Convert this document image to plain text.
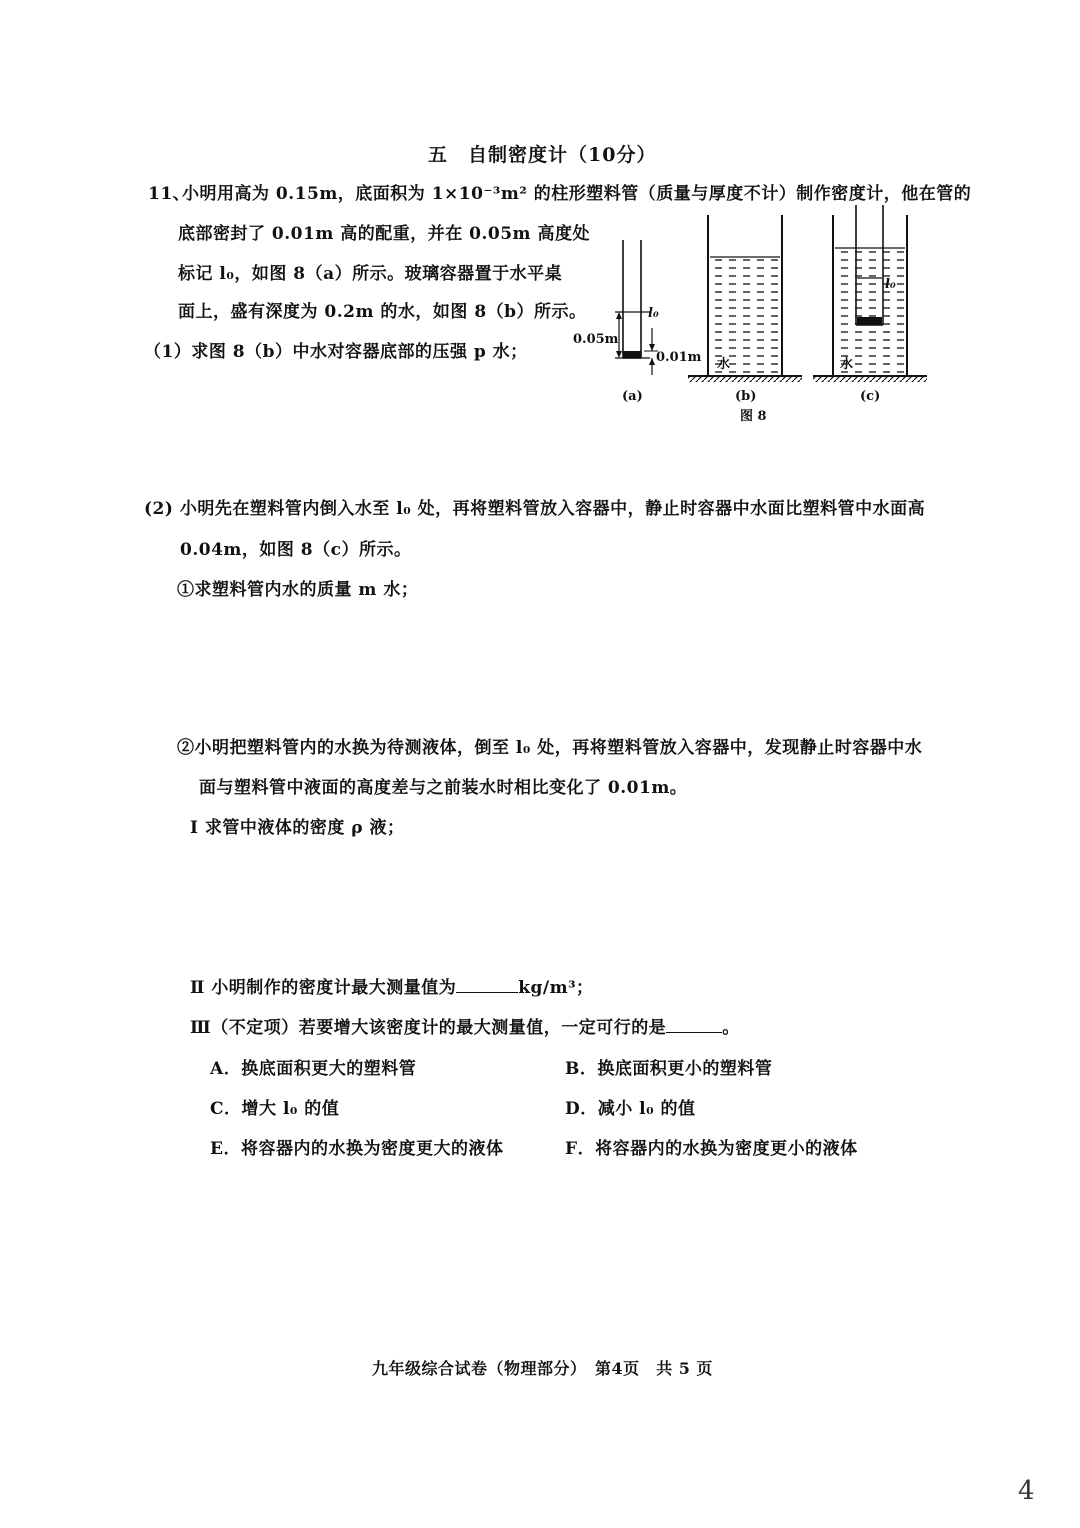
五　自制密度计（10分）
11、
小明用高为 0.15m，底面积为 1×10⁻³m² 的柱形塑料管（质量与厚度不计）制作密度计，他在管的
底部密封了 0.01m 高的配重，并在 0.05m 高度处
标记 l₀，如图 8（a）所示。玻璃容器置于水平桌
面上，盛有深度为 0.2m 的水，如图 8（b）所示。
（1）求图 8（b）中水对容器底部的压强 p 水；
0.05m
0.01m
l₀
(a)
水
(b)
l₀
水
(c)
图 8
(2) 小明先在塑料管内倒入水至 l₀ 处，再将塑料管放入容器中，静止时容器中水面比塑料管中水面高
0.04m，如图 8（c）所示。
①求塑料管内水的质量 m 水；
②小明把塑料管内的水换为待测液体，倒至 l₀ 处，再将塑料管放入容器中，发现静止时容器中水
面与塑料管中液面的高度差与之前装水时相比变化了 0.01m。
Ⅰ 求管中液体的密度 ρ 液；
Ⅱ 小明制作的密度计最大测量值为	kg/m³；
Ⅲ（不定项）若要增大该密度计的最大测量值，一定可行的是	。
A．换底面积更大的塑料管	B．换底面积更小的塑料管
C．增大 l₀ 的值	D．减小 l₀ 的值
E．将容器内的水换为密度更大的液体	F．将容器内的水换为密度更小的液体
九年级综合试卷（物理部分）　第4页　共 5 页
4
